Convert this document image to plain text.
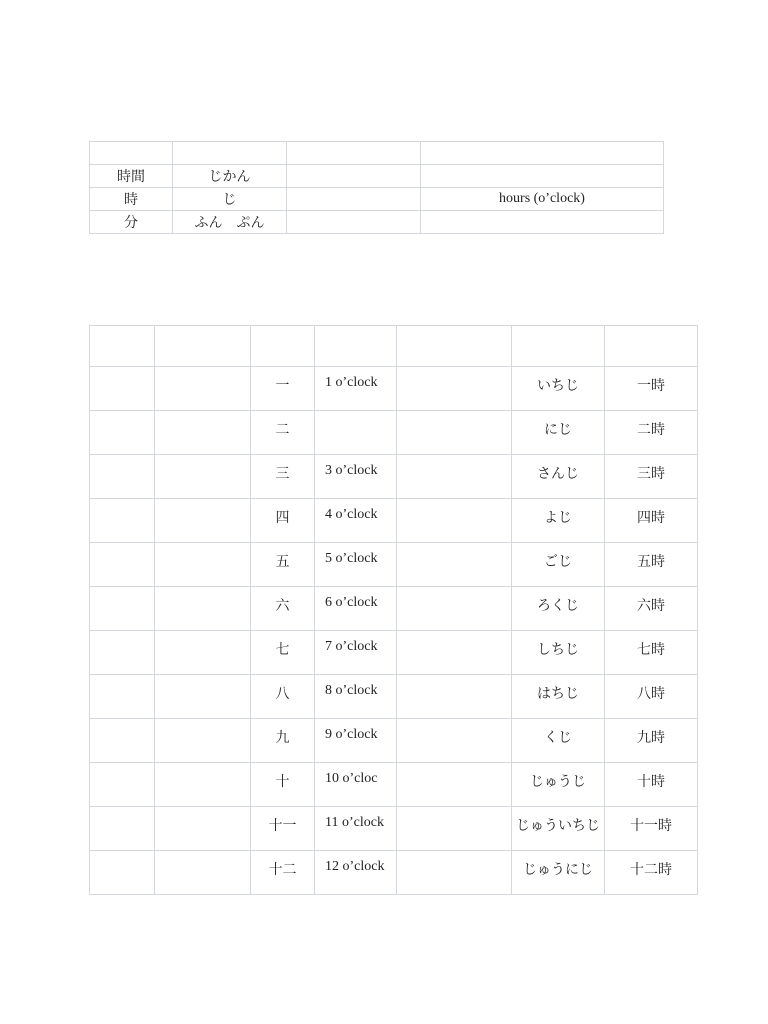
時間	じかん		
時	じ		hours (o’clock)
分	ふん　ぷん		

		一	1 o’clock		いちじ	一時
		二			にじ	二時
		三	3 o’clock		さんじ	三時
		四	4 o’clock		よじ	四時
		五	5 o’clock		ごじ	五時
		六	6 o’clock		ろくじ	六時
		七	7 o’clock		しちじ	七時
		八	8 o’clock		はちじ	八時
		九	9 o’clock		くじ	九時
		十	10 o’cloc		じゅうじ	十時
		十一	11 o’clock		じゅういちじ	十一時
		十二	12 o’clock		じゅうにじ	十二時
